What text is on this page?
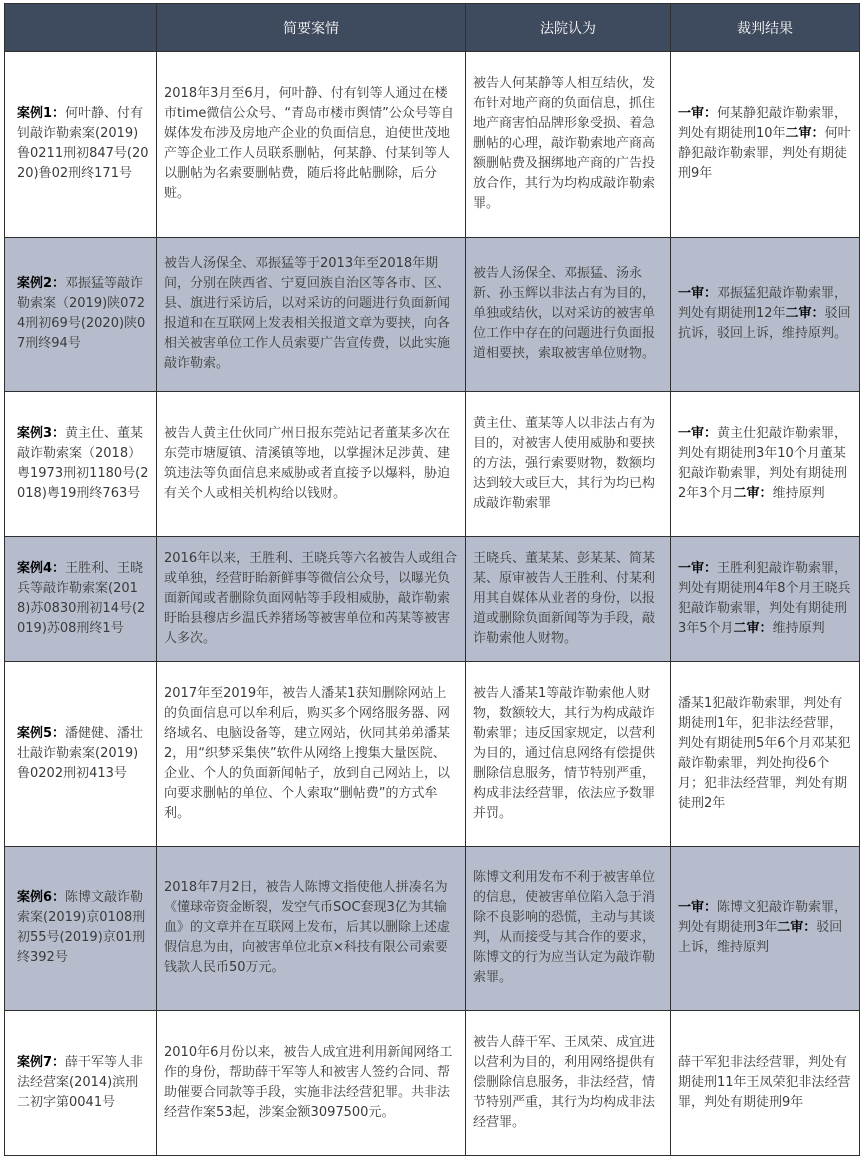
	简要案情	法院认为	裁判结果

案例1：何叶静、付有钊敲诈勒索案(2019)鲁0211刑初847号(2020)鲁02刑终171号	2018年3月至6月，何叶静、付有钊等人通过在楼市time微信公众号、“青岛市楼市舆情”公众号等自媒体发布涉及房地产企业的负面信息，迫使世茂地产等企业工作人员联系删帖，何某静、付某钊等人以删帖为名索要删帖费，随后将此帖删除，后分赃。	被告人何某静等人相互结伙，发布针对地产商的负面信息，抓住地产商害怕品牌形象受损、着急删帖的心理，敲诈勒索地产商高额删帖费及捆绑地产商的广告投放合作，其行为均构成敲诈勒索罪。	一审：何某静犯敲诈勒索罪，判处有期徒刑10年二审：何叶静犯敲诈勒索罪，判处有期徒刑9年

案例2：邓振猛等敲诈勒索案（2019)陕0724刑初69号(2020)陕07刑终94号	被告人汤保全、邓振猛等于2013年至2018年期间，分别在陕西省、宁夏回族自治区等各市、区、县、旗进行采访后，以对采访的问题进行负面新闻报道和在互联网上发表相关报道文章为要挟，向各相关被害单位工作人员索要广告宣传费，以此实施敲诈勒索。	被告人汤保全、邓振猛、汤永新、孙玉辉以非法占有为目的，单独或结伙，以对采访的被害单位工作中存在的问题进行负面报道相要挟，索取被害单位财物。	一审：邓振猛犯敲诈勒索罪，判处有期徒刑12年二审：驳回抗诉，驳回上诉，维持原判。

案例3：黄主仕、董某敲诈勒索案（2018）粤1973刑初1180号(2018)粤19刑终763号	被告人黄主仕伙同广州日报东莞站记者董某多次在东莞市塘厦镇、清溪镇等地，以掌握沐足涉黄、建筑违法等负面信息来威胁或者直接予以爆料，胁迫有关个人或相关机构给以钱财。	黄主仕、董某等人以非法占有为目的，对被害人使用威胁和要挟的方法，强行索要财物，数额均达到较大或巨大，其行为均已构成敲诈勒索罪	一审：黄主仕犯敲诈勒索罪，判处有期徒刑3年10个月董某犯敲诈勒索罪，判处有期徒刑2年3个月二审：维持原判

案例4：王胜利、王晓兵等敲诈勒索案(2018)苏0830刑初14号(2019)苏08刑终1号	2016年以来，王胜利、王晓兵等六名被告人或组合或单独，经营盱眙新鲜事等微信公众号，以曝光负面新闻或者删除负面网帖等手段相威胁，敲诈勒索盱眙县穆店乡温氏养猪场等被害单位和芮某等被害人多次。	王晓兵、董某某、彭某某、简某某、原审被告人王胜利、付某利用其自媒体从业者的身份，以报道或删除负面新闻等为手段，敲诈勒索他人财物。	一审：王胜利犯敲诈勒索罪，判处有期徒刑4年8个月王晓兵犯敲诈勒索罪，判处有期徒刑3年5个月二审：维持原判

案例5：潘健健、潘壮壮敲诈勒索案(2019)鲁0202刑初413号	2017年至2019年，被告人潘某1获知删除网站上的负面信息可以牟利后，购买多个网络服务器、网络域名、电脑设备等，建立网站，伙同其弟弟潘某2，用“织梦采集侠”软件从网络上搜集大量医院、企业、个人的负面新闻帖子，放到自己网站上，以向要求删帖的单位、个人索取“删帖费”的方式牟利。	被告人潘某1等敲诈勒索他人财物，数额较大，其行为构成敲诈勒索罪；违反国家规定，以营利为目的，通过信息网络有偿提供删除信息服务，情节特别严重，构成非法经营罪，依法应予数罪并罚。	潘某1犯敲诈勒索罪，判处有期徒刑1年，犯非法经营罪，判处有期徒刑5年6个月邓某犯敲诈勒索罪，判处拘役6个月；犯非法经营罪，判处有期徒刑2年

案例6：陈博文敲诈勒索案(2019)京0108刑初55号(2019)京01刑终392号	2018年7月2日，被告人陈博文指使他人拼凑名为《懂球帝资金断裂，发空气币SOC套现3亿为其输血》的文章并在互联网上发布，后其以删除上述虚假信息为由，向被害单位北京×科技有限公司索要钱款人民币50万元。	陈博文利用发布不利于被害单位的信息，使被害单位陷入急于消除不良影响的恐慌，主动与其谈判，从而接受与其合作的要求，陈博文的行为应当认定为敲诈勒索罪。	一审：陈博文犯敲诈勒索罪，判处有期徒刑3年二审：驳回上诉，维持原判

案例7：薛干军等人非法经营案(2014)滨刑二初字第0041号	2010年6月份以来，被告人成宜进利用新闻网络工作的身份，帮助薛干军等人和被害人签约合同、帮助催要合同款等手段，实施非法经营犯罪。共非法经营作案53起，涉案金额3097500元。	被告人薛干军、王凤荣、成宜进以营利为目的，利用网络提供有偿删除信息服务，非法经营，情节特别严重，其行为均构成非法经营罪。	薛干军犯非法经营罪，判处有期徒刑11年王凤荣犯非法经营罪，判处有期徒刑9年
